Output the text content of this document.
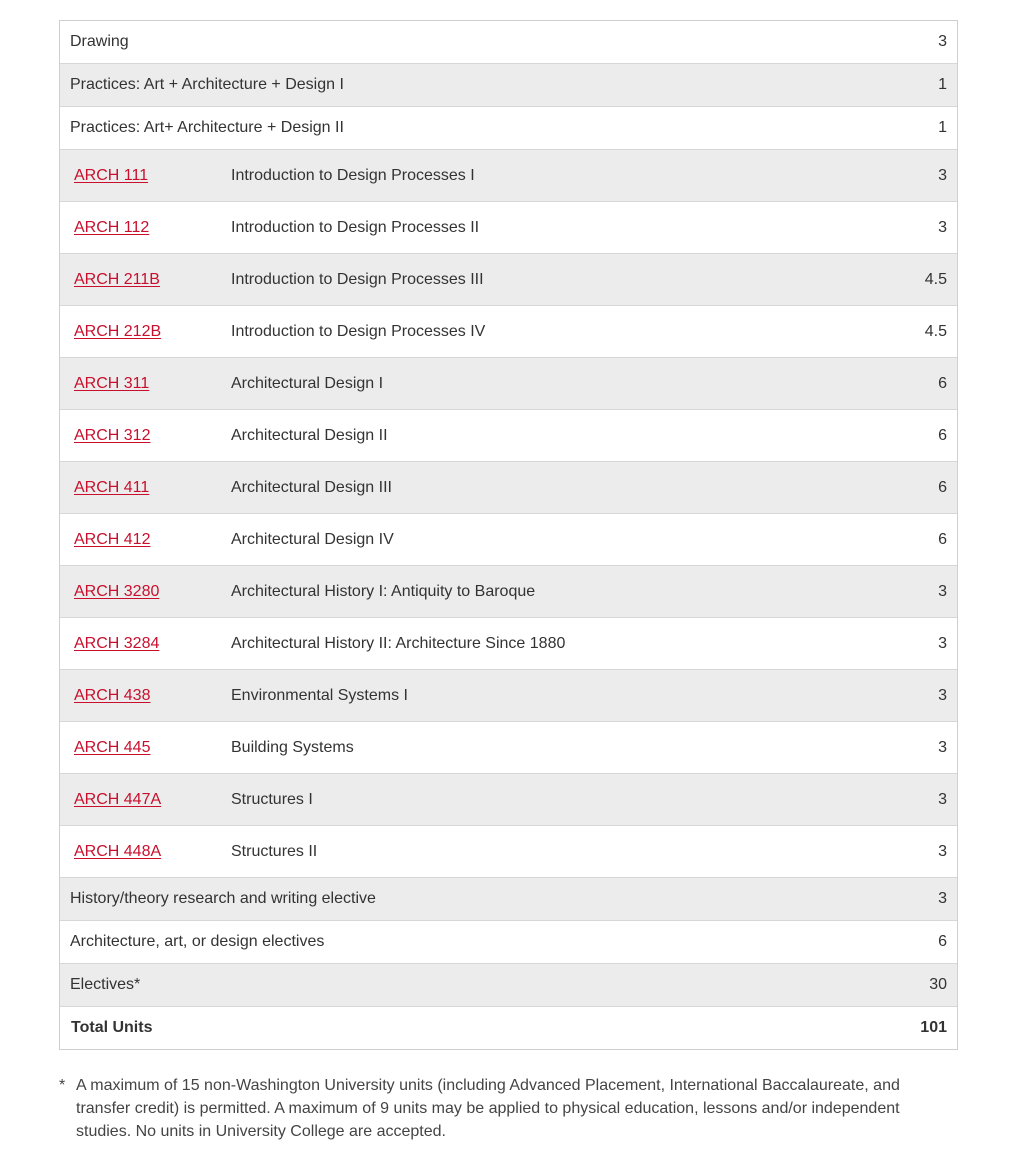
Drawing	3
Practices: Art + Architecture + Design I	1
Practices: Art+ Architecture + Design II	1
ARCH 111	Introduction to Design Processes I	3
ARCH 112	Introduction to Design Processes II	3
ARCH 211B	Introduction to Design Processes III	4.5
ARCH 212B	Introduction to Design Processes IV	4.5
ARCH 311	Architectural Design I	6
ARCH 312	Architectural Design II	6
ARCH 411	Architectural Design III	6
ARCH 412	Architectural Design IV	6
ARCH 3280	Architectural History I: Antiquity to Baroque	3
ARCH 3284	Architectural History II: Architecture Since 1880	3
ARCH 438	Environmental Systems I	3
ARCH 445	Building Systems	3
ARCH 447A	Structures I	3
ARCH 448A	Structures II	3
History/theory research and writing elective	3
Architecture, art, or design electives	6
Electives*	30
Total Units	101
* A maximum of 15 non-Washington University units (including Advanced Placement, International Baccalaureate, and transfer credit) is permitted. A maximum of 9 units may be applied to physical education, lessons and/or independent studies. No units in University College are accepted.
